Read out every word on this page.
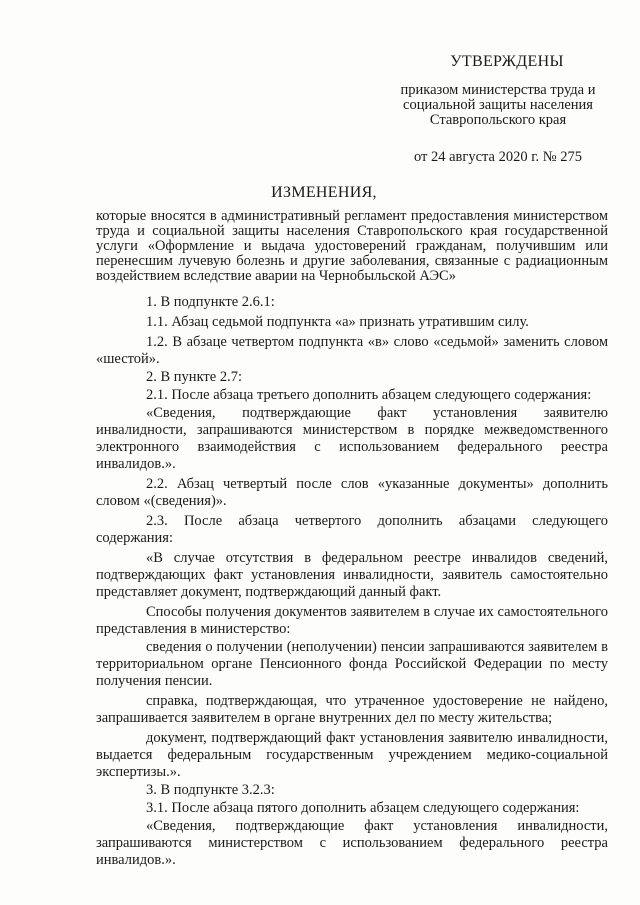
УТВЕРЖДЕНЫ
приказом министерства труда и
социальной защиты населения
Ставропольского края
от 24 августа 2020 г. № 275
ИЗМЕНЕНИЯ,
которые вносятся в административный регламент предоставления министерством труда и социальной защиты населения Ставропольского края государственной услуги «Оформление и выдача удостоверений гражданам, получившим или перенесшим лучевую болезнь и другие заболевания, связанные с радиационным воздействием вследствие аварии на Чернобыльской АЭС»

1. В подпункте 2.6.1:

1.1. Абзац седьмой подпункта «а» признать утратившим силу.

1.2. В абзаце четвертом подпункта «в» слово «седьмой» заменить словом «шестой».

2. В пункте 2.7:

2.1. После абзаца третьего дополнить абзацем следующего содержания:

«Сведения, подтверждающие факт установления заявителю инвалидности, запрашиваются министерством в порядке межведомственного электронного взаимодействия с использованием федерального реестра инвалидов.».

2.2. Абзац четвертый после слов «указанные документы» дополнить словом «(сведения)».

2.3. После абзаца четвертого дополнить абзацами следующего содержания:

«В случае отсутствия в федеральном реестре инвалидов сведений, подтверждающих факт установления инвалидности, заявитель самостоятельно представляет документ, подтверждающий данный факт.

Способы получения документов заявителем в случае их самостоятельного представления в министерство:

сведения о получении (неполучении) пенсии запрашиваются заявителем в территориальном органе Пенсионного фонда Российской Федерации по месту получения пенсии.

справка, подтверждающая, что утраченное удостоверение не найдено, запрашивается заявителем в органе внутренних дел по месту жительства;

документ, подтверждающий факт установления заявителю инвалидности, выдается федеральным государственным учреждением медико-социальной экспертизы.».

3. В подпункте 3.2.3:

3.1. После абзаца пятого дополнить абзацем следующего содержания:

«Сведения, подтверждающие факт установления инвалидности, запрашиваются министерством с использованием федерального реестра инвалидов.».
